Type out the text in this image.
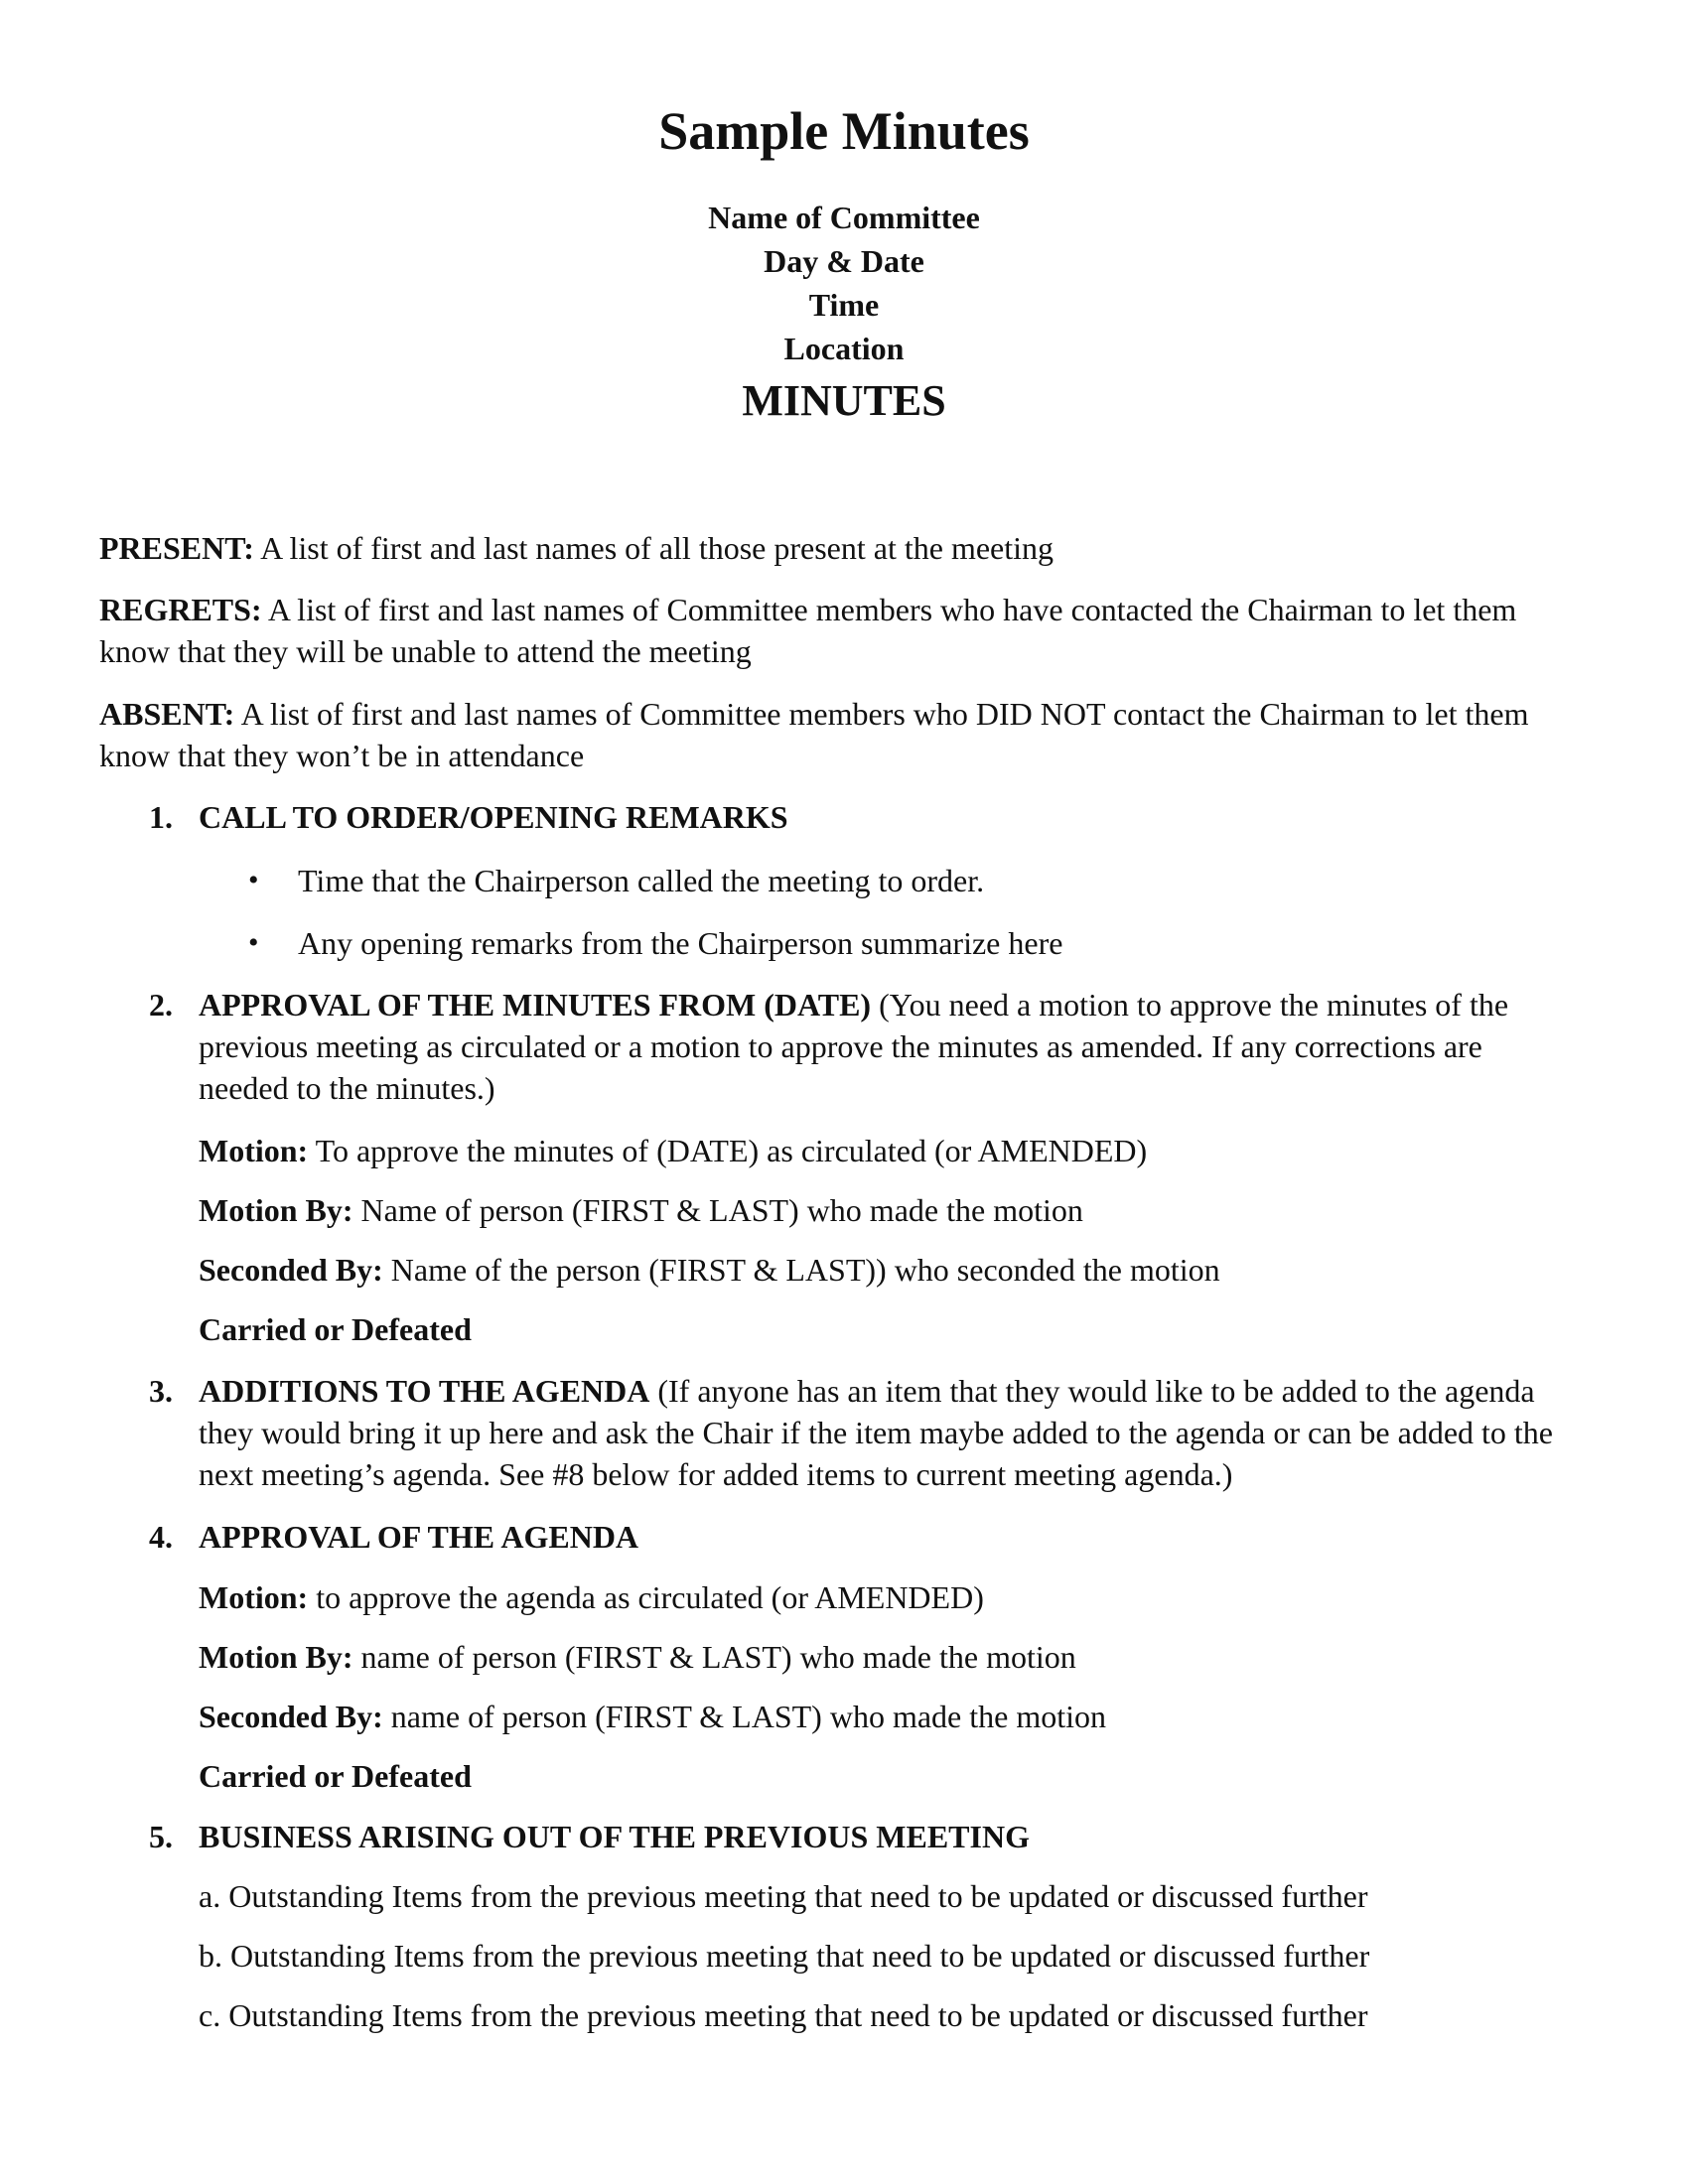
Sample Minutes
Name of Committee
Day & Date
Time
Location
MINUTES
PRESENT: A list of first and last names of all those present at the meeting
REGRETS: A list of first and last names of Committee members who have contacted the Chairman to let them know that they will be unable to attend the meeting
ABSENT: A list of first and last names of Committee members who DID NOT contact the Chairman to let them know that they won’t be in attendance
1. CALL TO ORDER/OPENING REMARKS
• Time that the Chairperson called the meeting to order.
• Any opening remarks from the Chairperson summarize here
2. APPROVAL OF THE MINUTES FROM (DATE) (You need a motion to approve the minutes of the previous meeting as circulated or a motion to approve the minutes as amended. If any corrections are needed to the minutes.)
Motion: To approve the minutes of (DATE) as circulated (or AMENDED)
Motion By: Name of person (FIRST & LAST) who made the motion
Seconded By: Name of the person (FIRST & LAST)) who seconded the motion
Carried or Defeated
3. ADDITIONS TO THE AGENDA (If anyone has an item that they would like to be added to the agenda they would bring it up here and ask the Chair if the item maybe added to the agenda or can be added to the next meeting’s agenda. See #8 below for added items to current meeting agenda.)
4. APPROVAL OF THE AGENDA
Motion: to approve the agenda as circulated (or AMENDED)
Motion By: name of person (FIRST & LAST) who made the motion
Seconded By: name of person (FIRST & LAST) who made the motion
Carried or Defeated
5. BUSINESS ARISING OUT OF THE PREVIOUS MEETING
a. Outstanding Items from the previous meeting that need to be updated or discussed further
b. Outstanding Items from the previous meeting that need to be updated or discussed further
c. Outstanding Items from the previous meeting that need to be updated or discussed further
